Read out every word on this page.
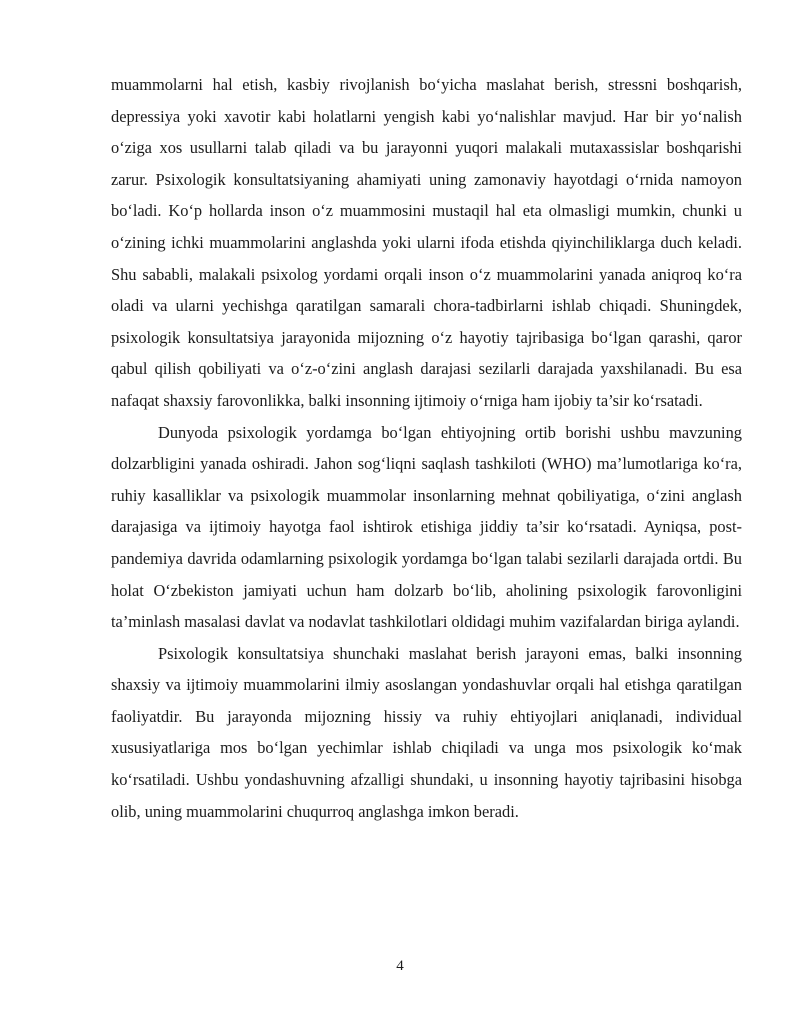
muammolarni hal etish, kasbiy rivojlanish bo‘yicha maslahat berish, stressni boshqarish, depressiya yoki xavotir kabi holatlarni yengish kabi yo‘nalishlar mavjud. Har bir yo‘nalish o‘ziga xos usullarni talab qiladi va bu jarayonni yuqori malakali mutaxassislar boshqarishi zarur. Psixologik konsultatsiyaning ahamiyati uning zamonaviy hayotdagi o‘rnida namoyon bo‘ladi. Ko‘p hollarda inson o‘z muammosini mustaqil hal eta olmasligi mumkin, chunki u o‘zining ichki muammolarini anglashda yoki ularni ifoda etishda qiyinchiliklarga duch keladi. Shu sababli, malakali psixolog yordami orqali inson o‘z muammolarini yanada aniqroq ko‘ra oladi va ularni yechishga qaratilgan samarali chora-tadbirlarni ishlab chiqadi. Shuningdek, psixologik konsultatsiya jarayonida mijozning o‘z hayotiy tajribasiga bo‘lgan qarashi, qaror qabul qilish qobiliyati va o‘z-o‘zini anglash darajasi sezilarli darajada yaxshilanadi. Bu esa nafaqat shaxsiy farovonlikka, balki insonning ijtimoiy o‘rniga ham ijobiy ta’sir ko‘rsatadi.

Dunyoda psixologik yordamga bo‘lgan ehtiyojning ortib borishi ushbu mavzuning dolzarbligini yanada oshiradi. Jahon sog‘liqni saqlash tashkiloti (WHO) ma’lumotlariga ko‘ra, ruhiy kasalliklar va psixologik muammolar insonlarning mehnat qobiliyatiga, o‘zini anglash darajasiga va ijtimoiy hayotga faol ishtirok etishiga jiddiy ta’sir ko‘rsatadi. Ayniqsa, post-pandemiya davrida odamlarning psixologik yordamga bo‘lgan talabi sezilarli darajada ortdi. Bu holat O‘zbekiston jamiyati uchun ham dolzarb bo‘lib, aholining psixologik farovonligini ta’minlash masalasi davlat va nodavlat tashkilotlari oldidagi muhim vazifalardan biriga aylandi.

Psixologik konsultatsiya shunchaki maslahat berish jarayoni emas, balki insonning shaxsiy va ijtimoiy muammolarini ilmiy asoslangan yondashuvlar orqali hal etishga qaratilgan faoliyatdir. Bu jarayonda mijozning hissiy va ruhiy ehtiyojlari aniqlanadi, individual xususiyatlariga mos bo‘lgan yechimlar ishlab chiqiladi va unga mos psixologik ko‘mak ko‘rsatiladi. Ushbu yondashuvning afzalligi shundaki, u insonning hayotiy tajribasini hisobga olib, uning muammolarini chuqurroq anglashga imkon beradi.

4
